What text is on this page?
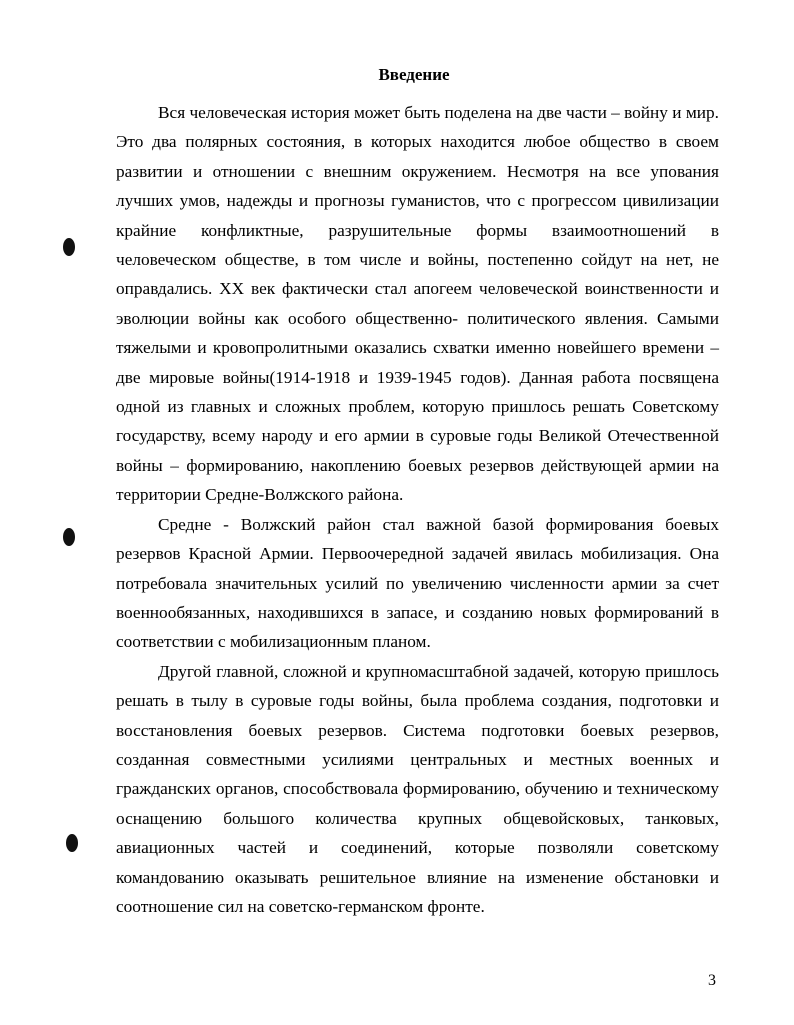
Введение

Вся человеческая история может быть поделена на две части – войну и мир. Это два полярных состояния, в которых находится любое общество в своем развитии и отношении с внешним окружением. Несмотря на все упования лучших умов, надежды и прогнозы гуманистов, что с прогрессом цивилизации крайние конфликтные, разрушительные формы взаимоотношений в человеческом обществе, в том числе и войны, постепенно сойдут на нет, не оправдались. XX век фактически стал апогеем человеческой воинственности и эволюции войны как особого общественно- политического явления. Самыми тяжелыми и кровопролитными оказались схватки именно новейшего времени – две мировые войны(1914-1918 и 1939-1945 годов). Данная работа посвящена одной из главных и сложных проблем, которую пришлось решать Советскому государству, всему народу и его армии в суровые годы Великой Отечественной войны – формированию, накоплению боевых резервов действующей армии на территории Средне-Волжского района.

Средне - Волжский район стал важной базой формирования боевых резервов Красной Армии. Первоочередной задачей явилась мобилизация. Она потребовала значительных усилий по увеличению численности армии за счет военнообязанных, находившихся в запасе, и созданию новых формирований в соответствии с мобилизационным планом.

Другой главной, сложной и крупномасштабной задачей, которую пришлось решать в тылу в суровые годы войны, была проблема создания, подготовки и восстановления боевых резервов. Система подготовки боевых резервов, созданная совместными усилиями центральных и местных военных и гражданских органов, способствовала формированию, обучению и техническому оснащению большого количества крупных общевойсковых, танковых, авиационных частей и соединений, которые позволяли советскому командованию оказывать решительное влияние на изменение обстановки и соотношение сил на советско-германском фронте.

3
